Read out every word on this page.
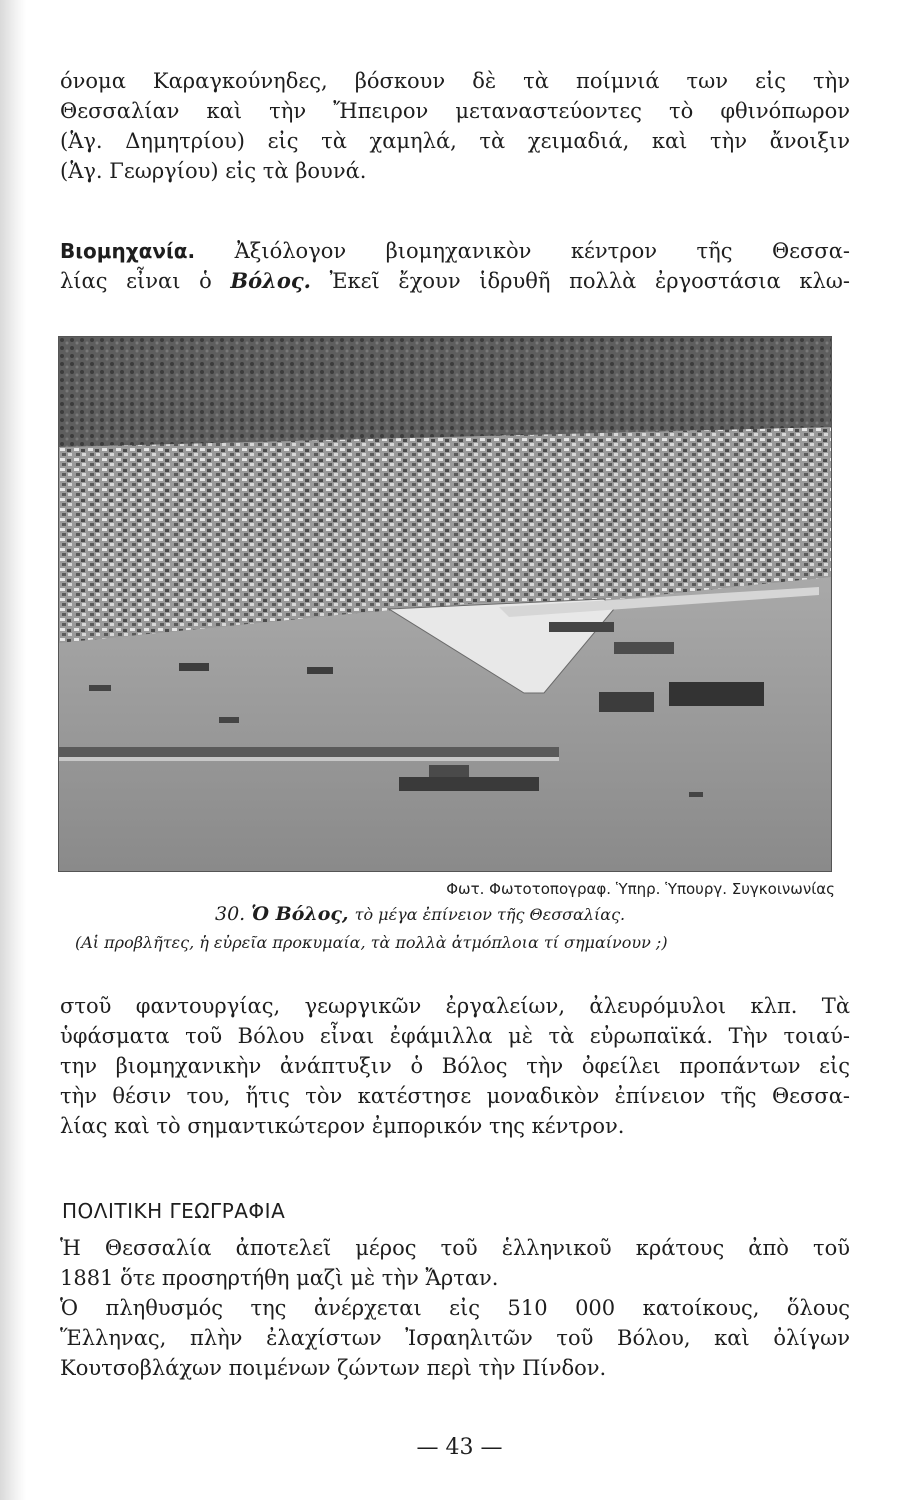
όνομα Καραγκούνηδες, βόσκουν δὲ τὰ ποίμνιά των εἰς τὴν
Θεσσαλίαν καὶ τὴν Ἤπειρον μεταναστεύοντες τὸ φθινόπωρον
(Ἁγ. Δημητρίου) εἰς τὰ χαμηλά, τὰ χειμαδιά, καὶ τὴν ἄνοιξιν
(Ἁγ. Γεωργίου) εἰς τὰ βουνά.
Βιομηχανία. Ἀξιόλογον βιομηχανικὸν κέντρον τῆς Θεσσα-
λίας εἶναι ὁ Βόλος. Ἐκεῖ ἔχουν ἱδρυθῆ πολλὰ ἐργοστάσια κλω-

Φωτ. Φωτοτοπογραφ. Ὑπηρ. Ὑπουργ. Συγκοινωνίας

30. Ὁ Βόλος, τὸ μέγα ἐπίνειον τῆς Θεσσαλίας.

(Αἱ προβλῆτες, ἡ εὐρεῖα προκυμαία, τὰ πολλὰ ἀτμόπλοια τί σημαίνουν ;)

στοῦ φαντουργίας, γεωργικῶν ἐργαλείων, ἀλευρόμυλοι κλπ. Τὰ
ὑφάσματα τοῦ Βόλου εἶναι ἐφάμιλλα μὲ τὰ εὐρωπαϊκά. Τὴν τοιαύ-
την βιομηχανικὴν ἀνάπτυξιν ὁ Βόλος τὴν ὀφείλει προπάντων εἰς
τὴν θέσιν του, ἥτις τὸν κατέστησε μοναδικὸν ἐπίνειον τῆς Θεσσα-
λίας καὶ τὸ σημαντικώτερον ἐμπορικόν της κέντρον.

ΠΟΛΙΤΙΚΗ ΓΕΩΓΡΑΦΙΑ

Ἡ Θεσσαλία ἀποτελεῖ μέρος τοῦ ἑλληνικοῦ κράτους ἀπὸ τοῦ
1881 ὅτε προσηρτήθη μαζὶ μὲ τὴν Ἄρταν.
Ὁ πληθυσμός της ἀνέρχεται εἰς 510 000 κατοίκους, ὅλους
Ἕλληνας, πλὴν ἐλαχίστων Ἰσραηλιτῶν τοῦ Βόλου, καὶ ὀλίγων
Κουτσοβλάχων ποιμένων ζώντων περὶ τὴν Πίνδον.

— 43 —
